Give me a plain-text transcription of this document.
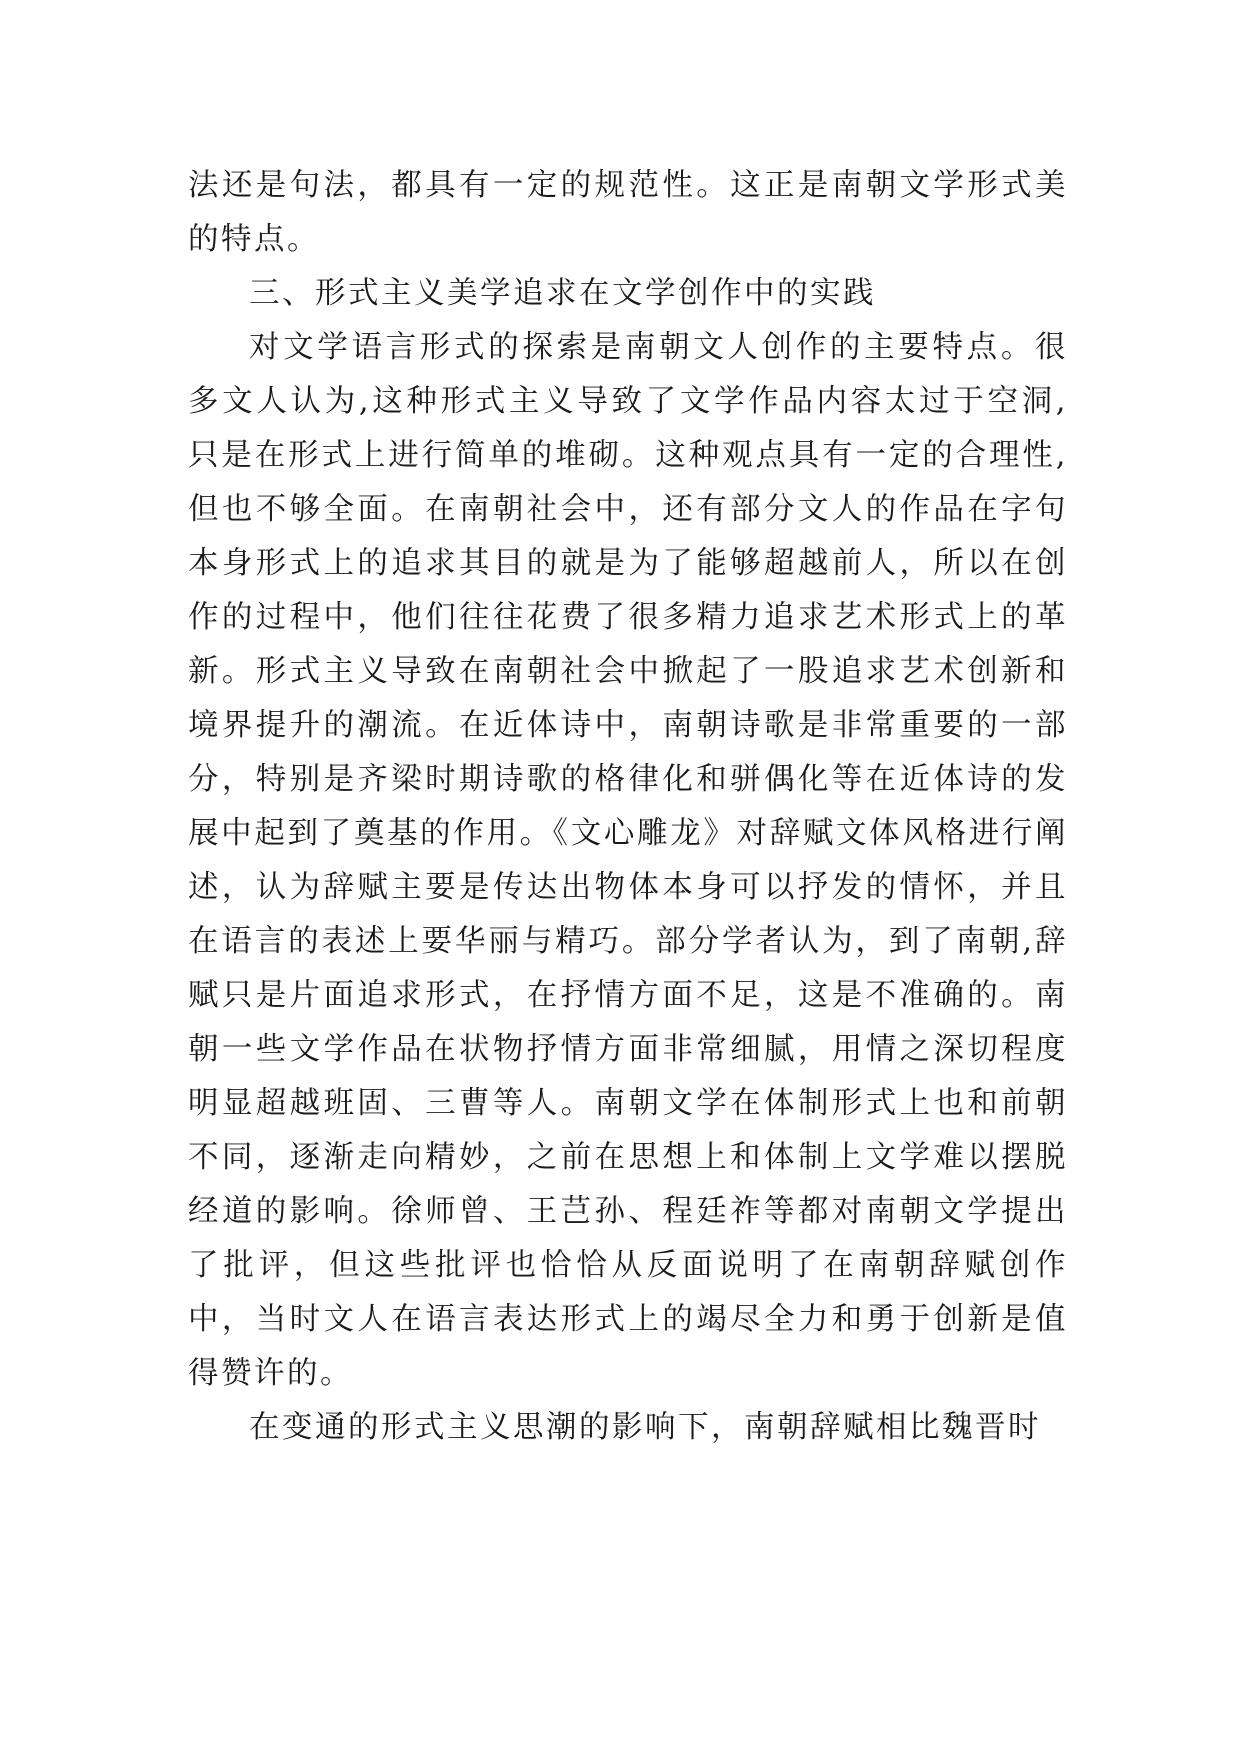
法还是句法，都具有一定的规范性。这正是南朝文学形式美的特点。

三、形式主义美学追求在文学创作中的实践

对文学语言形式的探索是南朝文人创作的主要特点。很多文人认为,这种形式主义导致了文学作品内容太过于空洞,只是在形式上进行简单的堆砌。这种观点具有一定的合理性,但也不够全面。在南朝社会中，还有部分文人的作品在字句本身形式上的追求其目的就是为了能够超越前人，所以在创作的过程中，他们往往花费了很多精力追求艺术形式上的革新。形式主义导致在南朝社会中掀起了一股追求艺术创新和境界提升的潮流。在近体诗中，南朝诗歌是非常重要的一部分，特别是齐梁时期诗歌的格律化和骈偶化等在近体诗的发展中起到了奠基的作用。《文心雕龙》对辞赋文体风格进行阐述，认为辞赋主要是传达出物体本身可以抒发的情怀，并且在语言的表述上要华丽与精巧。部分学者认为，到了南朝,辞赋只是片面追求形式，在抒情方面不足，这是不准确的。南朝一些文学作品在状物抒情方面非常细腻，用情之深切程度明显超越班固、三曹等人。南朝文学在体制形式上也和前朝不同，逐渐走向精妙，之前在思想上和体制上文学难以摆脱经道的影响。徐师曾、王芑孙、程廷祚等都对南朝文学提出了批评，但这些批评也恰恰从反面说明了在南朝辞赋创作中，当时文人在语言表达形式上的竭尽全力和勇于创新是值得赞许的。

在变通的形式主义思潮的影响下，南朝辞赋相比魏晋时
